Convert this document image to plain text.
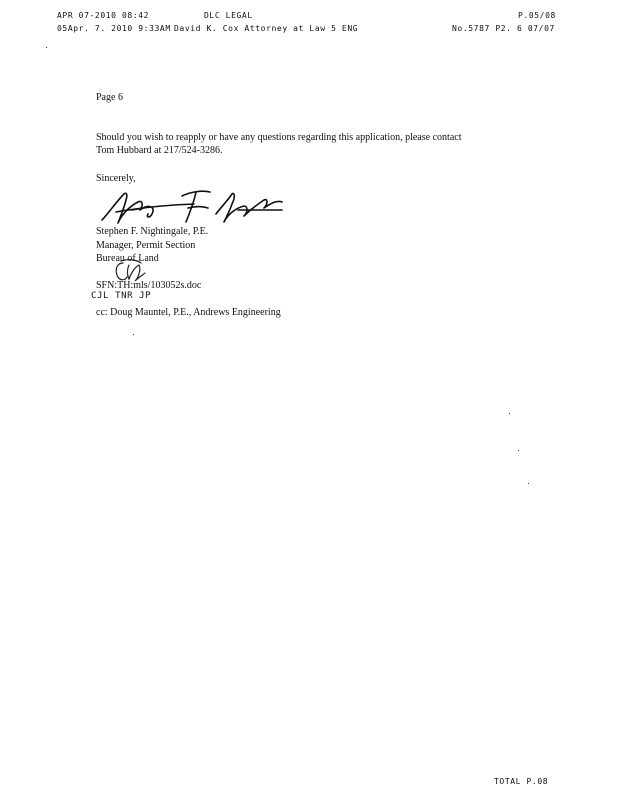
APR 07-2010 08:42	DLC LEGAL	P.05/08
05Apr. 7. 2010 9:33AM David K. Cox Attorney at Law 5 ENG	No.5787 P2. 6 07/07
Page 6
Should you wish to reapply or have any questions regarding this application, please contact
Tom Hubbard at 217/524-3286.
Sincerely,
Stephen F. Nightingale, P.E.
Manager, Permit Section
Bureau of Land
SFN:TH:mls/103052s.doc
CJL TNR JP
cc: Doug Mauntel, P.E., Andrews Engineering
TOTAL P.08
